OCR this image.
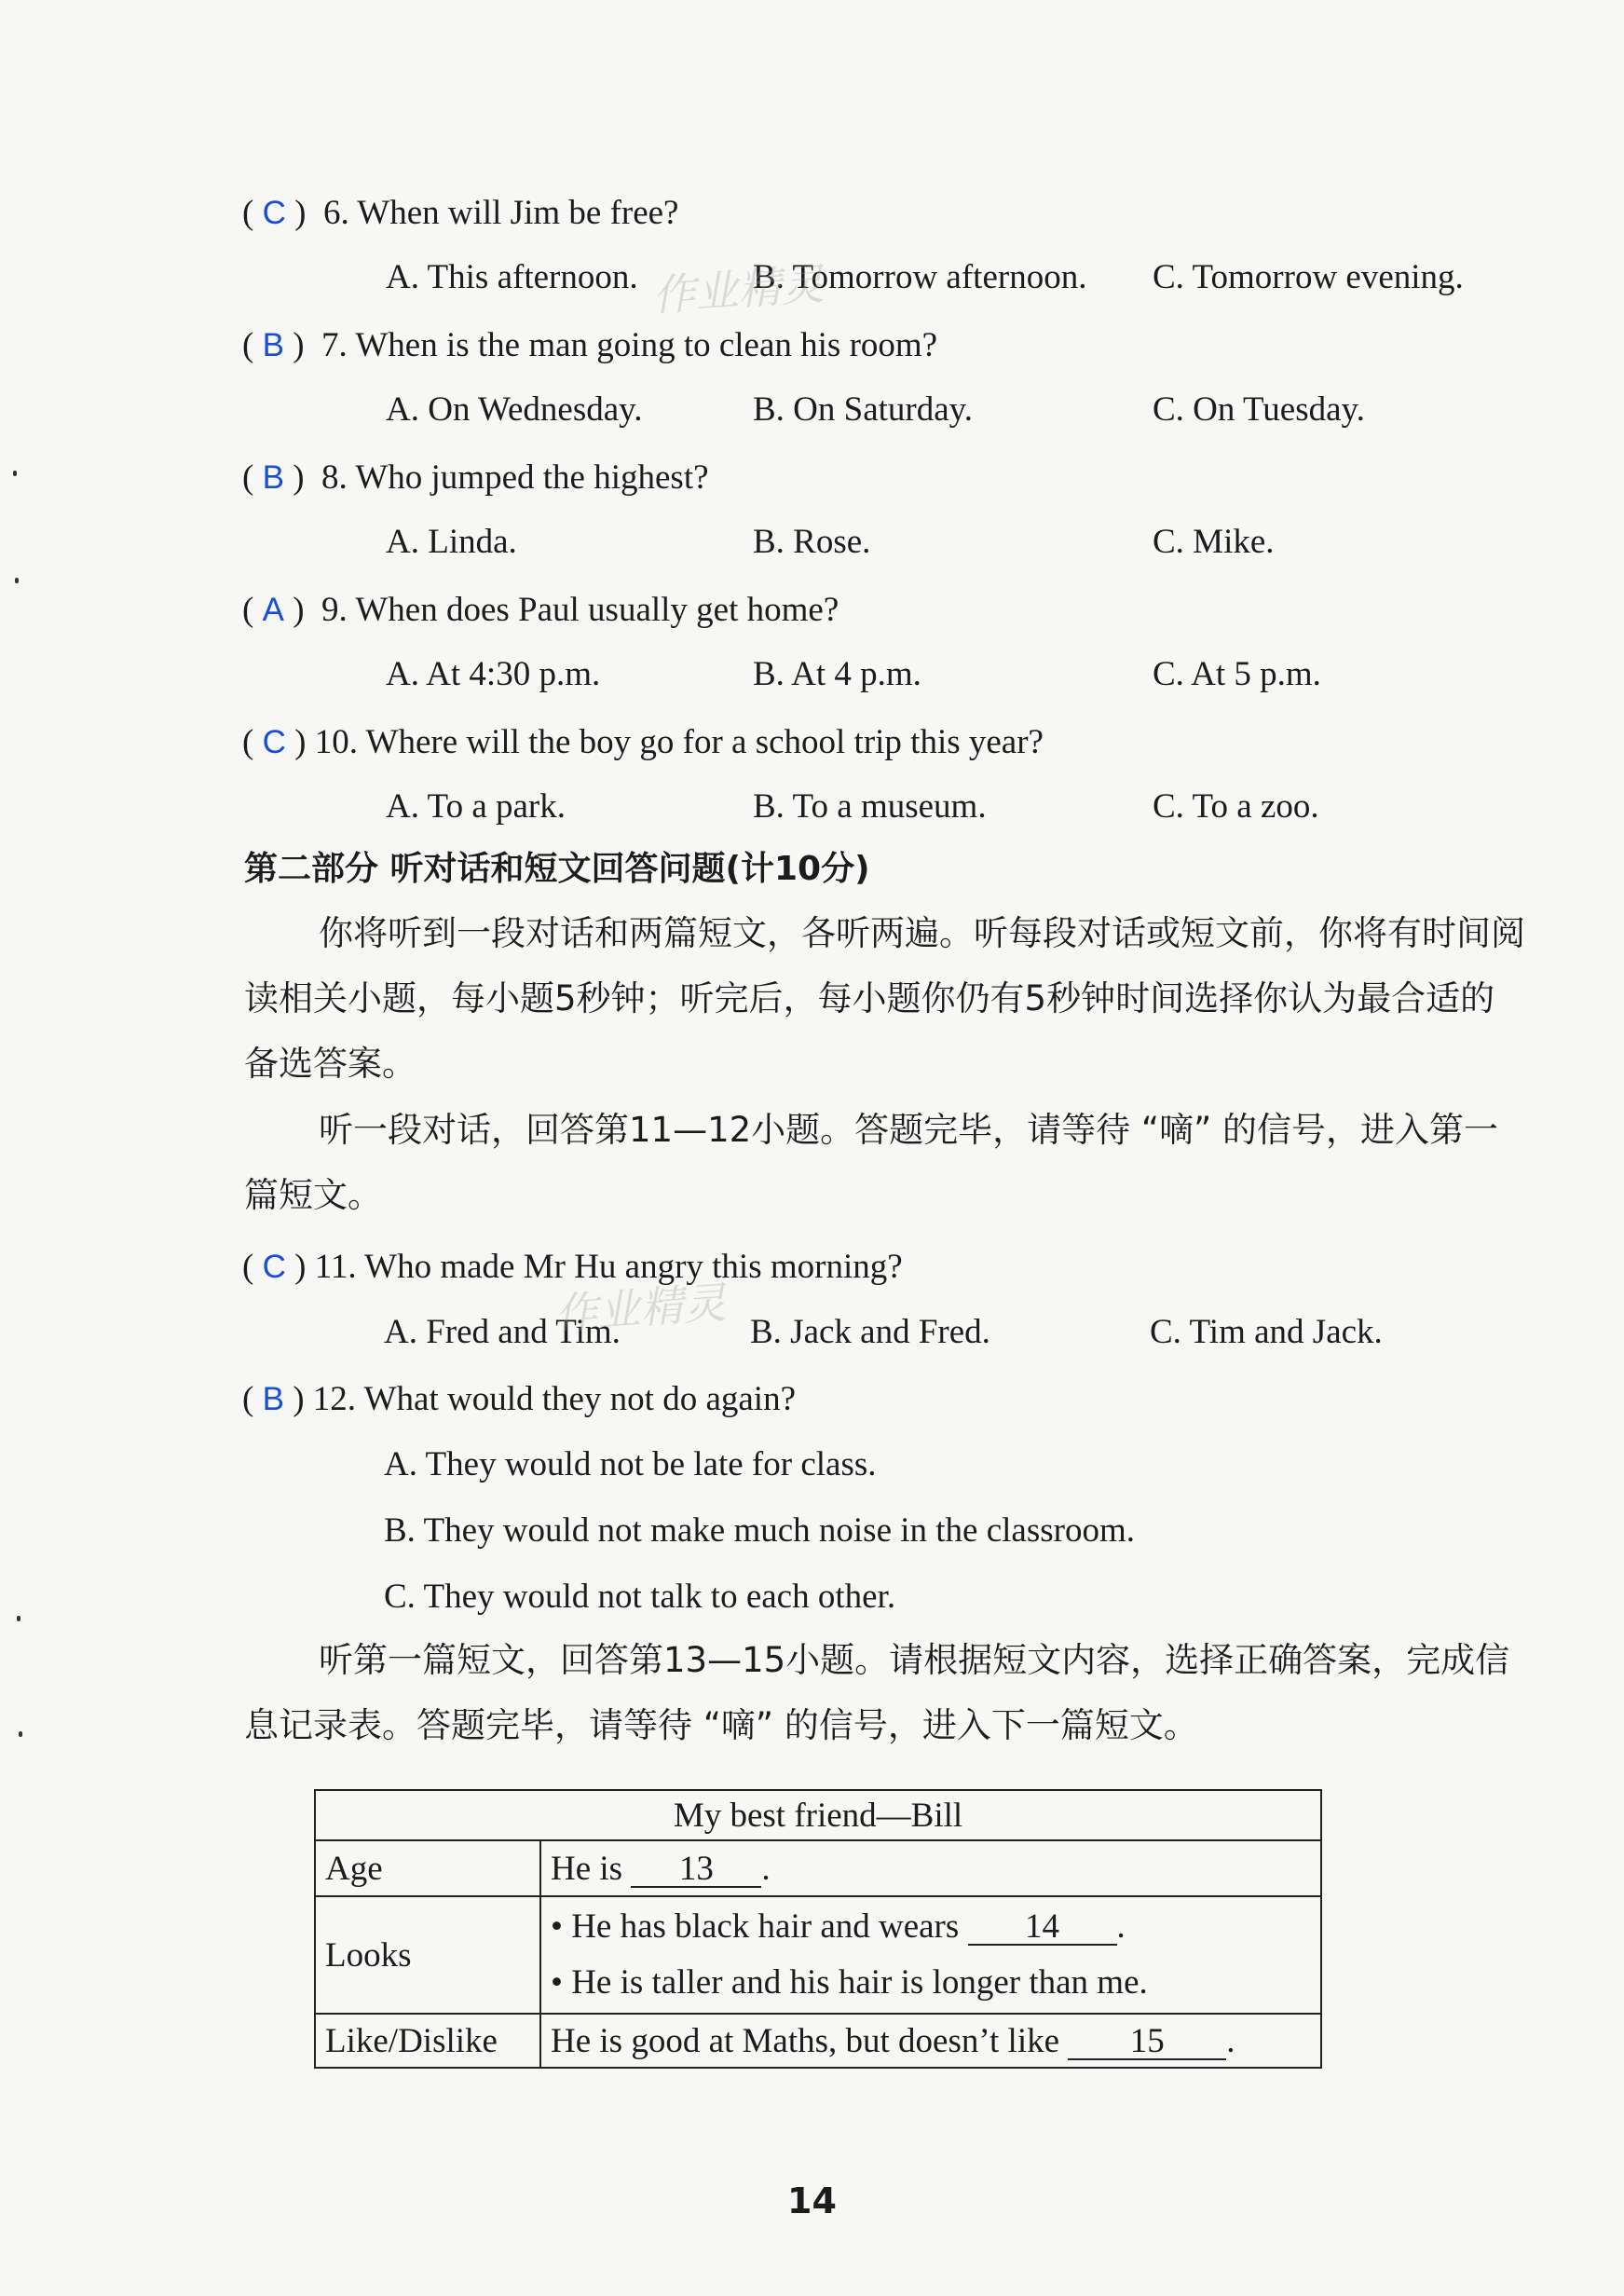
( C )  6. When will Jim be free?
A. This afternoon.	B. Tomorrow afternoon. C. Tomorrow evening.
( B )  7. When is the man going to clean his room?
A. On Wednesday.	B. On Saturday.	C. On Tuesday.
( B )  8. Who jumped the highest?
A. Linda.	B. Rose.	C. Mike.
( A )  9. When does Paul usually get home?
A. At 4:30 p.m.	B. At 4 p.m.	C. At 5 p.m.
( C ) 10. Where will the boy go for a school trip this year?
A. To a park.	B. To a museum.	C. To a zoo.
第二部分 听对话和短文回答问题(计10分)
你将听到一段对话和两篇短文，各听两遍。听每段对话或短文前，你将有时间阅读相关小题，每小题5秒钟；听完后，每小题你仍有5秒钟时间选择你认为最合适的备选答案。
听一段对话，回答第11—12小题。答题完毕，请等待 “嘀” 的信号，进入第一篇短文。
( C ) 11. Who made Mr Hu angry this morning?
A. Fred and Tim.	B. Jack and Fred.	C. Tim and Jack.
( B ) 12. What would they not do again?
A. They would not be late for class.
B. They would not make much noise in the classroom.
C. They would not talk to each other.
听第一篇短文，回答第13—15小题。请根据短文内容，选择正确答案，完成信息记录表。答题完毕，请等待 “嘀” 的信号，进入下一篇短文。
My best friend—Bill	
Age	He is 13 .
Looks	• He has black hair and wears 14 .
• He is taller and his hair is longer than me.

Like/Dislike	He is good at Maths, but doesn’t like 15 .
14
作业精灵
作业精灵
